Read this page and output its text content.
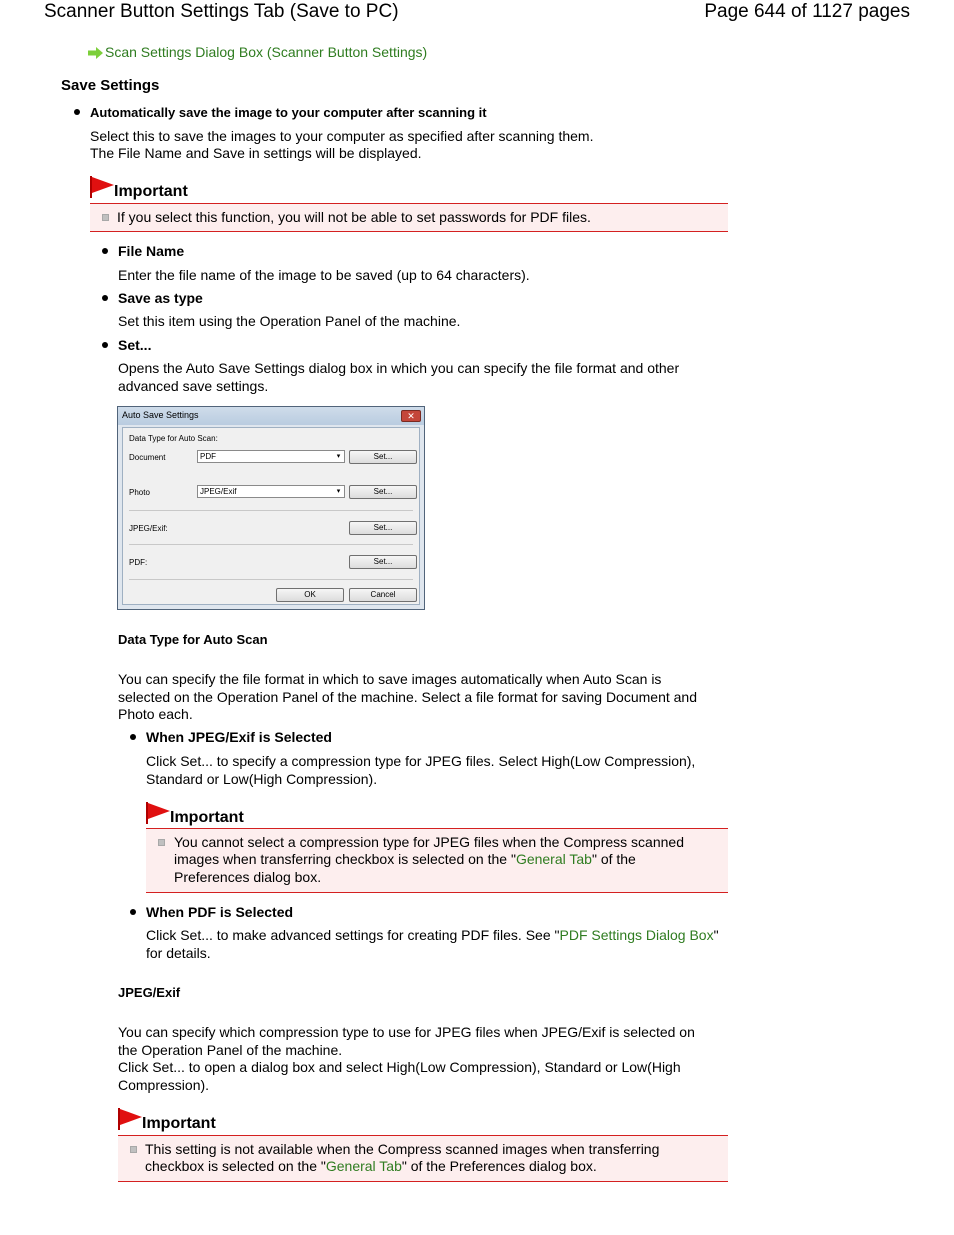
Scanner Button Settings Tab (Save to PC)	Page 644 of 1127 pages
Scan Settings Dialog Box (Scanner Button Settings)
Save Settings
Automatically save the image to your computer after scanning it
Select this to save the images to your computer as specified after scanning them.
The File Name and Save in settings will be displayed.
Important
If you select this function, you will not be able to set passwords for PDF files.
File Name
Enter the file name of the image to be saved (up to 64 characters).
Save as type
Set this item using the Operation Panel of the machine.
Set...
Opens the Auto Save Settings dialog box in which you can specify the file format and other
advanced save settings.
Auto Save Settings	✕
Data Type for Auto Scan:
Document	PDF	▾	Set...
Photo	JPEG/Exif	▾	Set...
JPEG/Exif:	Set...
PDF:	Set...
OK	Cancel
Data Type for Auto Scan
You can specify the file format in which to save images automatically when Auto Scan is
selected on the Operation Panel of the machine. Select a file format for saving Document and
Photo each.
When JPEG/Exif is Selected
Click Set... to specify a compression type for JPEG files. Select High(Low Compression),
Standard or Low(High Compression).
Important
You cannot select a compression type for JPEG files when the Compress scanned
images when transferring checkbox is selected on the "General Tab" of the
Preferences dialog box.
When PDF is Selected
Click Set... to make advanced settings for creating PDF files. See "PDF Settings Dialog Box"
for details.
JPEG/Exif
You can specify which compression type to use for JPEG files when JPEG/Exif is selected on
the Operation Panel of the machine.
Click Set... to open a dialog box and select High(Low Compression), Standard or Low(High
Compression).
Important
This setting is not available when the Compress scanned images when transferring
checkbox is selected on the "General Tab" of the Preferences dialog box.
